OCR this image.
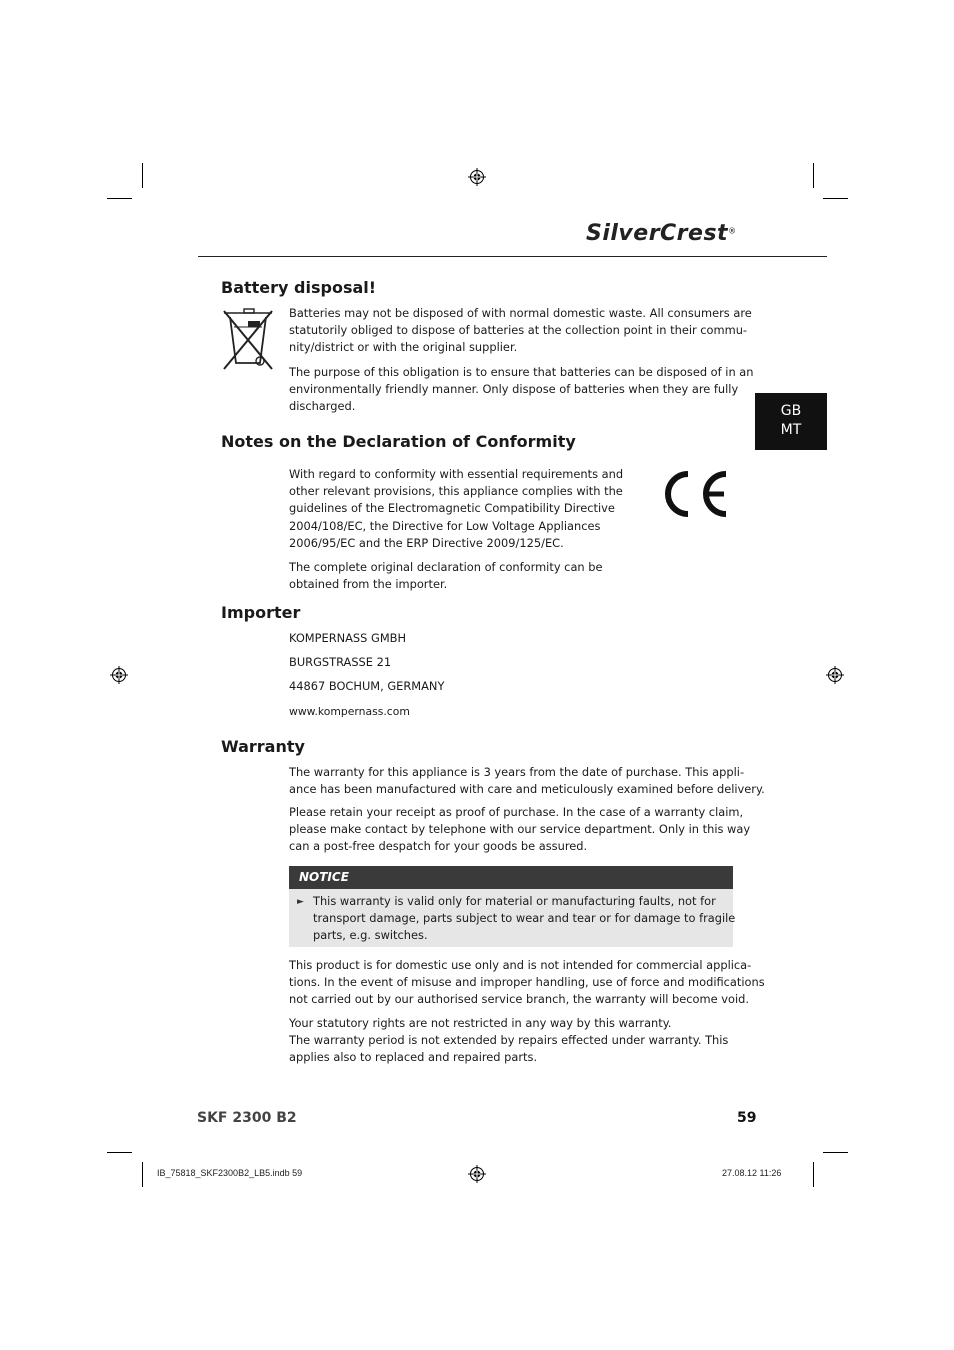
SilverCrest®
GB
MT
Battery disposal!
Batteries may not be disposed of with normal domestic waste. All consumers are
statutorily obliged to dispose of batteries at the collection point in their commu-
nity/district or with the original supplier.
The purpose of this obligation is to ensure that batteries can be disposed of in an
environmentally friendly manner. Only dispose of batteries when they are fully
discharged.
Notes on the Declaration of Conformity
With regard to conformity with essential requirements and
other relevant provisions, this appliance complies with the
guidelines of the Electromagnetic Compatibility Directive
2004/108/EC, the Directive for Low Voltage Appliances
2006/95/EC and the ERP Directive 2009/125/EC.
The complete original declaration of conformity can be
obtained from the importer.
Importer
KOMPERNASS GMBH
BURGSTRASSE 21
44867 BOCHUM, GERMANY
www.kompernass.com
Warranty
The warranty for this appliance is 3 years from the date of purchase. This appli-
ance has been manufactured with care and meticulously examined before delivery.
Please retain your receipt as proof of purchase. In the case of a warranty claim,
please make contact by telephone with our service department. Only in this way
can a post-free despatch for your goods be assured.
NOTICE
► This warranty is valid only for material or manufacturing faults, not for
transport damage, parts subject to wear and tear or for damage to fragile
parts, e.g. switches.
This product is for domestic use only and is not intended for commercial applica-
tions. In the event of misuse and improper handling, use of force and modifications
not carried out by our authorised service branch, the warranty will become void.
Your statutory rights are not restricted in any way by this warranty.
The warranty period is not extended by repairs effected under warranty. This
applies also to replaced and repaired parts.
SKF 2300 B2	59
IB_75818_SKF2300B2_LB5.indb 59	27.08.12 11:26
